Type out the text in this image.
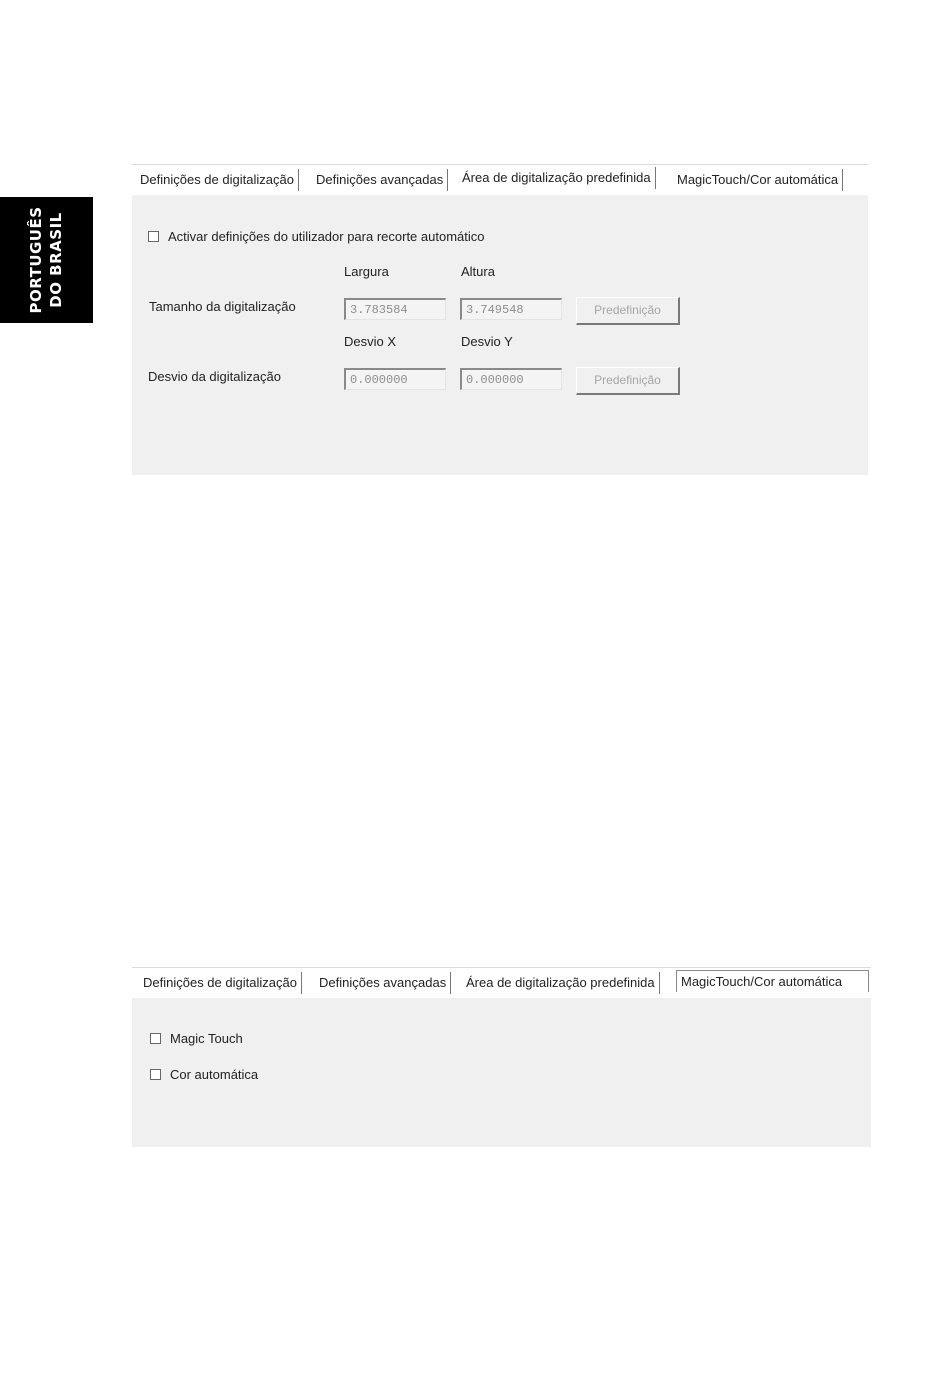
PORTUGUÊS DO BRASIL
Definições de digitalização	Definições avançadas	Área de digitalização predefinida	MagicTouch/Cor automática
Activar definições do utilizador para recorte automático
Largura	Altura
Tamanho da digitalização	3.783584	3.749548	Predefinição
Desvio X	Desvio Y
Desvio da digitalização	0.000000	0.000000	Predefinição
Definições de digitalização	Definições avançadas	Área de digitalização predefinida	MagicTouch/Cor automática
Magic Touch
Cor automática
